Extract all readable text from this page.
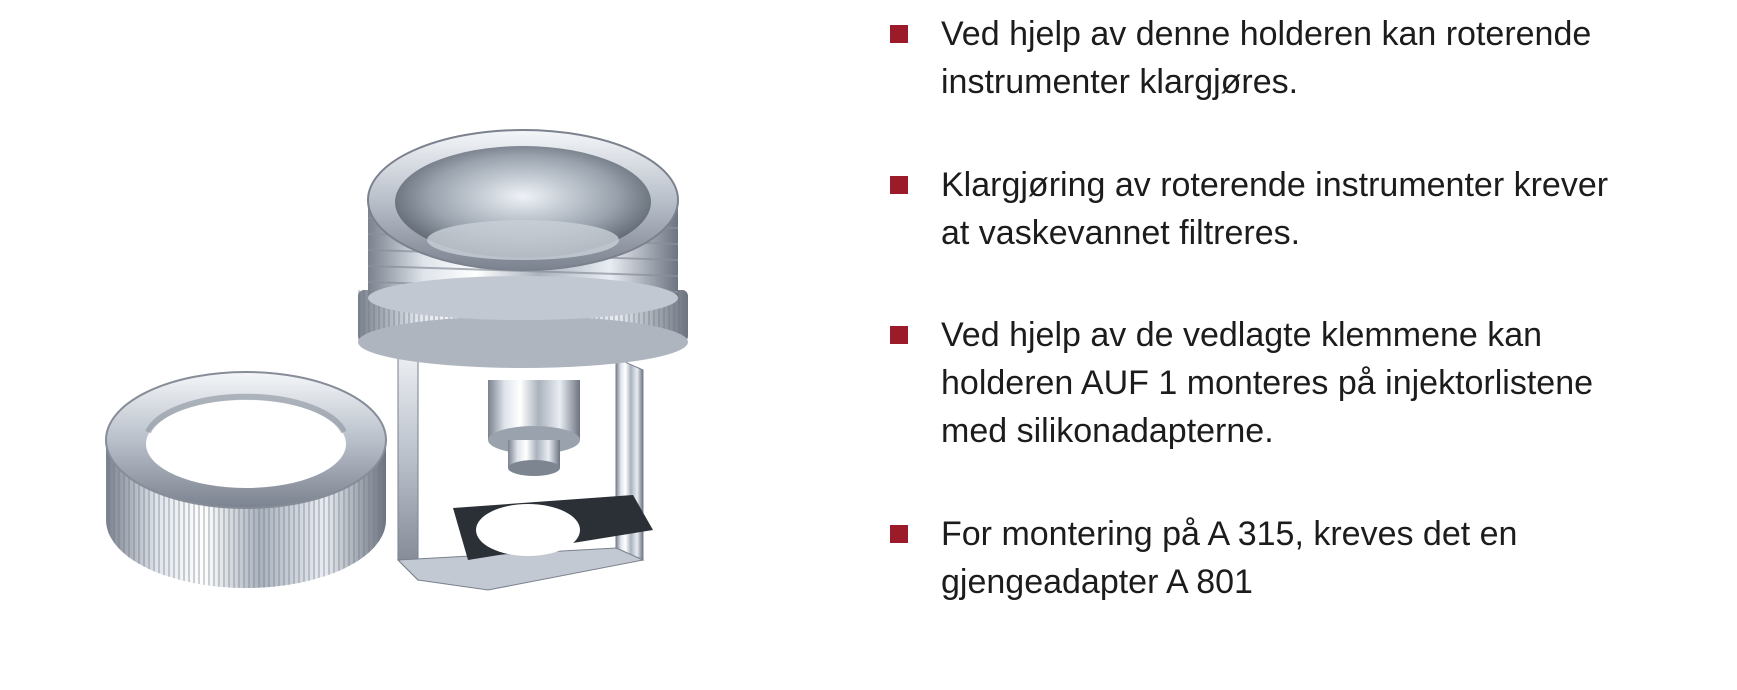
Ved hjelp av denne holderen kan roterende
instrumenter klargjøres.
Klargjøring av roterende instrumenter krever
at vaskevannet filtreres.
Ved hjelp av de vedlagte klemmene kan
holderen AUF 1 monteres på injektorlistene
med silikonadapterne.
For montering på A 315, kreves det en
gjengeadapter A 801
